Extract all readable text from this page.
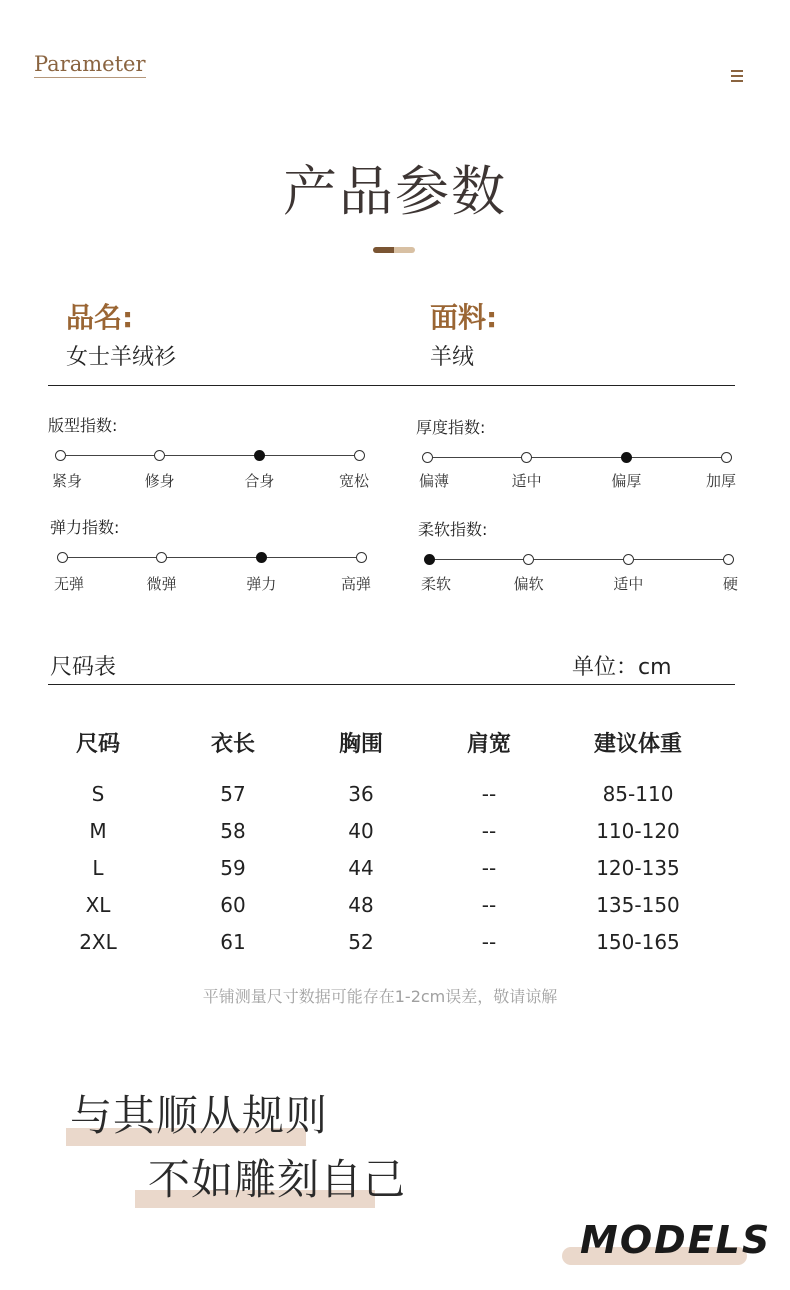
Parameter
产品参数
品名:
女士羊绒衫
面料:
羊绒
版型指数:
紧身	修身	合身	宽松
厚度指数:
偏薄	适中	偏厚	加厚
弹力指数:
无弹	微弹	弹力	高弹
柔软指数:
柔软	偏软	适中	硬
尺码表	单位：cm
尺码	衣长	胸围	肩宽	建议体重
S	57	36	--	85-110
M	58	40	--	110-120
L	59	44	--	120-135
XL	60	48	--	135-150
2XL	61	52	--	150-165
平铺测量尺寸数据可能存在1-2cm误差，敬请谅解
与其顺从规则
不如雕刻自己
MODELS
